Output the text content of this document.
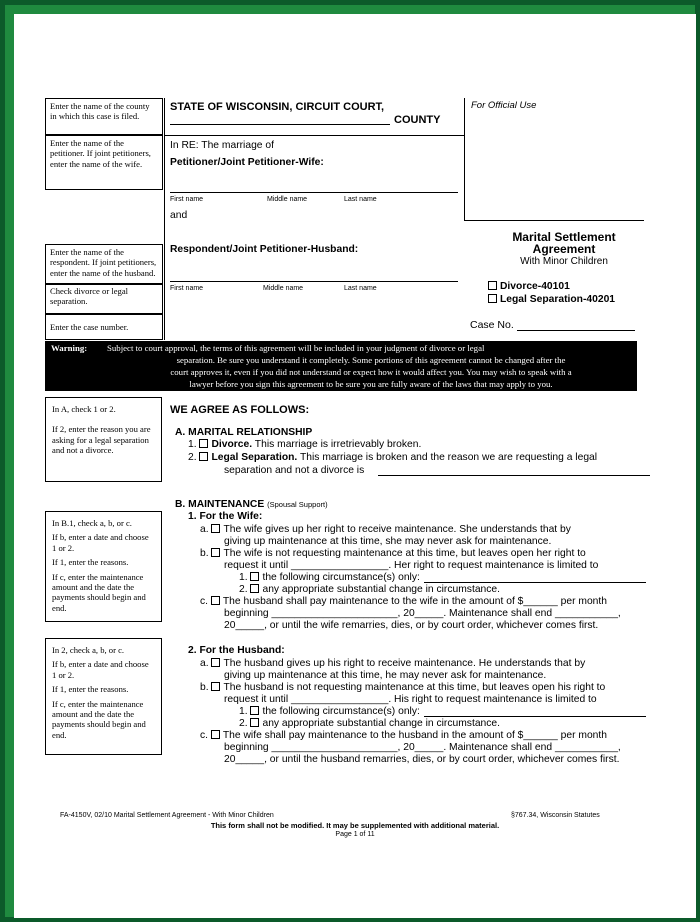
Enter the name of the county in which this case is filed.

Enter the name of the petitioner. If joint petitioners, enter the name of the wife.

Enter the name of the respondent. If joint petitioners, enter the name of the husband.

Check divorce or legal separation.

Enter the case number.

STATE OF WISCONSIN, CIRCUIT COURT,
COUNTY
For Official Use
In RE: The marriage of
Petitioner/Joint Petitioner-Wife:
First name	Middle name	Last name
and
Respondent/Joint Petitioner-Husband:
First name	Middle name	Last name
Marital Settlement
Agreement
With Minor Children
Divorce-40101
Legal Separation-40201
Case No.
Warning: Subject to court approval, the terms of this agreement will be included in your judgment of divorce or legal
separation. Be sure you understand it completely. Some portions of this agreement cannot be changed after the
court approves it, even if you did not understand or expect how it would affect you. You may wish to speak with a
lawyer before you sign this agreement to be sure you are fully aware of the laws that may apply to you.

In A, check 1 or 2.

If 2, enter the reason you are asking for a legal separation and not a divorce.

In B.1, check a, b, or c.

If b, enter a date and choose 1 or 2.

If 1, enter the reasons.

If c, enter the maintenance amount and the date the payments should begin and end.

In 2, check a, b, or c.

If b, enter a date and choose 1 or 2.

If 1, enter the reasons.

If c, enter the maintenance amount and the date the payments should begin and end.

WE AGREE AS FOLLOWS:
A. MARITAL RELATIONSHIP
1. Divorce. This marriage is irretrievably broken.
2. Legal Separation. This marriage is broken and the reason we are requesting a legal
separation and not a divorce is
B. MAINTENANCE (Spousal Support)
1. For the Wife:
a. The wife gives up her right to receive maintenance. She understands that by
giving up maintenance at this time, she may never ask for maintenance.
b. The wife is not requesting maintenance at this time, but leaves open her right to
request it until _________________. Her right to request maintenance is limited to
1. the following circumstance(s) only:
2. any appropriate substantial change in circumstance.
c. The husband shall pay maintenance to the wife in the amount of $______ per month
beginning ______________________, 20_____. Maintenance shall end ___________,
20_____, or until the wife remarries, dies, or by court order, whichever comes first.
2. For the Husband:
a. The husband gives up his right to receive maintenance. He understands that by
giving up maintenance at this time, he may never ask for maintenance.
b. The husband is not requesting maintenance at this time, but leaves open his right to
request it until _________________. His right to request maintenance is limited to
1. the following circumstance(s) only:
2. any appropriate substantial change in circumstance.
c. The wife shall pay maintenance to the husband in the amount of $______ per month
beginning ______________________, 20_____. Maintenance shall end ___________,
20_____, or until the husband remarries, dies, or by court order, whichever comes first.
FA-4150V, 02/10 Marital Settlement Agreement - With Minor Children	§767.34, Wisconsin Statutes
This form shall not be modified. It may be supplemented with additional material.
Page 1 of 11
